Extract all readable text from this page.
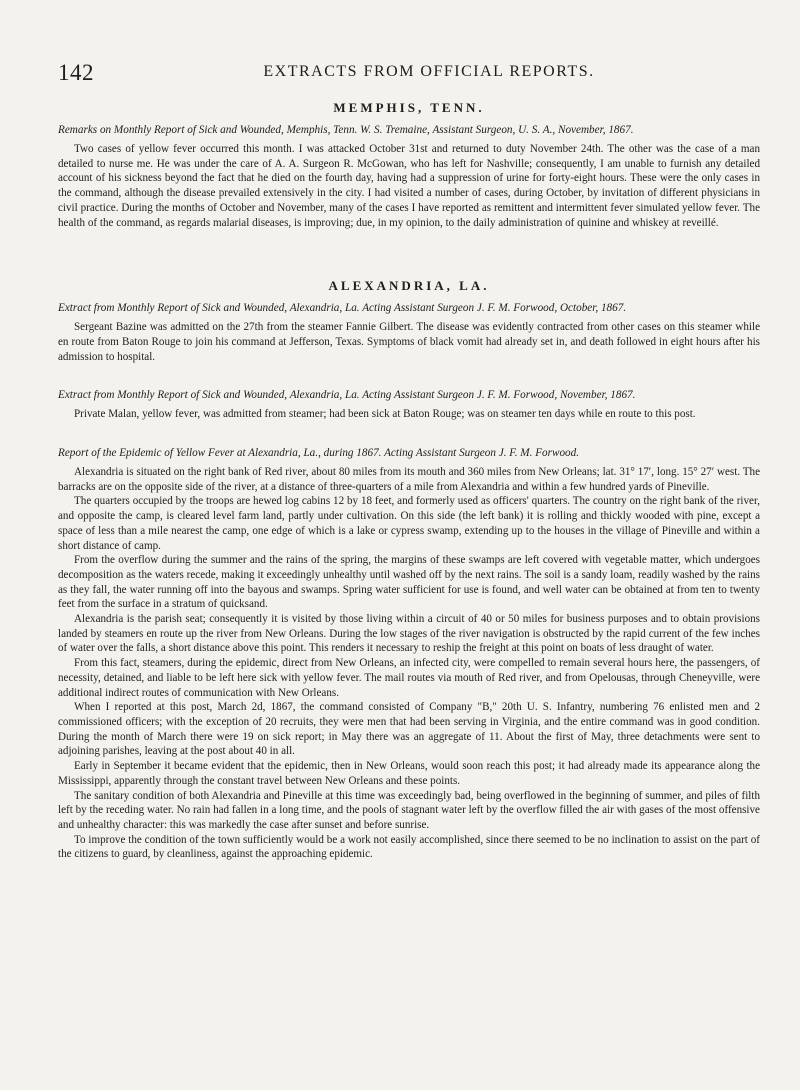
142	EXTRACTS FROM OFFICIAL REPORTS.
MEMPHIS, TENN.
Remarks on Monthly Report of Sick and Wounded, Memphis, Tenn. W. S. Tremaine, Assistant Surgeon, U. S. A., November, 1867.

Two cases of yellow fever occurred this month. I was attacked October 31st and returned to duty November 24th. The other was the case of a man detailed to nurse me. He was under the care of A. A. Surgeon R. McGowan, who has left for Nashville; consequently, I am unable to furnish any detailed account of his sickness beyond the fact that he died on the fourth day, having had a suppression of urine for forty-eight hours. These were the only cases in the command, although the disease prevailed extensively in the city. I had visited a number of cases, during October, by invitation of different physicians in civil practice. During the months of October and November, many of the cases I have reported as remittent and intermittent fever simulated yellow fever. The health of the command, as regards malarial diseases, is improving; due, in my opinion, to the daily administration of quinine and whiskey at reveillé.

ALEXANDRIA, LA.
Extract from Monthly Report of Sick and Wounded, Alexandria, La. Acting Assistant Surgeon J. F. M. Forwood, October, 1867.

Sergeant Bazine was admitted on the 27th from the steamer Fannie Gilbert. The disease was evidently contracted from other cases on this steamer while en route from Baton Rouge to join his command at Jefferson, Texas. Symptoms of black vomit had already set in, and death followed in eight hours after his admission to hospital.

Extract from Monthly Report of Sick and Wounded, Alexandria, La. Acting Assistant Surgeon J. F. M. Forwood, November, 1867.

Private Malan, yellow fever, was admitted from steamer; had been sick at Baton Rouge; was on steamer ten days while en route to this post.

Report of the Epidemic of Yellow Fever at Alexandria, La., during 1867. Acting Assistant Surgeon J. F. M. Forwood.

Alexandria is situated on the right bank of Red river, about 80 miles from its mouth and 360 miles from New Orleans; lat. 31° 17′, long. 15° 27′ west. The barracks are on the opposite side of the river, at a distance of three-quarters of a mile from Alexandria and within a few hundred yards of Pineville.

The quarters occupied by the troops are hewed log cabins 12 by 18 feet, and formerly used as officers' quarters. The country on the right bank of the river, and opposite the camp, is cleared level farm land, partly under cultivation. On this side (the left bank) it is rolling and thickly wooded with pine, except a space of less than a mile nearest the camp, one edge of which is a lake or cypress swamp, extending up to the houses in the village of Pineville and within a short distance of camp.

From the overflow during the summer and the rains of the spring, the margins of these swamps are left covered with vegetable matter, which undergoes decomposition as the waters recede, making it exceedingly unhealthy until washed off by the next rains. The soil is a sandy loam, readily washed by the rains as they fall, the water running off into the bayous and swamps. Spring water sufficient for use is found, and well water can be obtained at from ten to twenty feet from the surface in a stratum of quicksand.

Alexandria is the parish seat; consequently it is visited by those living within a circuit of 40 or 50 miles for business purposes and to obtain provisions landed by steamers en route up the river from New Orleans. During the low stages of the river navigation is obstructed by the rapid current of the few inches of water over the falls, a short distance above this point. This renders it necessary to reship the freight at this point on boats of less draught of water.

From this fact, steamers, during the epidemic, direct from New Orleans, an infected city, were compelled to remain several hours here, the passengers, of necessity, detained, and liable to be left here sick with yellow fever. The mail routes via mouth of Red river, and from Opelousas, through Cheneyville, were additional indirect routes of communication with New Orleans.

When I reported at this post, March 2d, 1867, the command consisted of Company "B," 20th U. S. Infantry, numbering 76 enlisted men and 2 commissioned officers; with the exception of 20 recruits, they were men that had been serving in Virginia, and the entire command was in good condition. During the month of March there were 19 on sick report; in May there was an aggregate of 11. About the first of May, three detachments were sent to adjoining parishes, leaving at the post about 40 in all.

Early in September it became evident that the epidemic, then in New Orleans, would soon reach this post; it had already made its appearance along the Mississippi, apparently through the constant travel between New Orleans and these points.

The sanitary condition of both Alexandria and Pineville at this time was exceedingly bad, being overflowed in the beginning of summer, and piles of filth left by the receding water. No rain had fallen in a long time, and the pools of stagnant water left by the overflow filled the air with gases of the most offensive and unhealthy character: this was markedly the case after sunset and before sunrise.

To improve the condition of the town sufficiently would be a work not easily accomplished, since there seemed to be no inclination to assist on the part of the citizens to guard, by cleanliness, against the approaching epidemic.
